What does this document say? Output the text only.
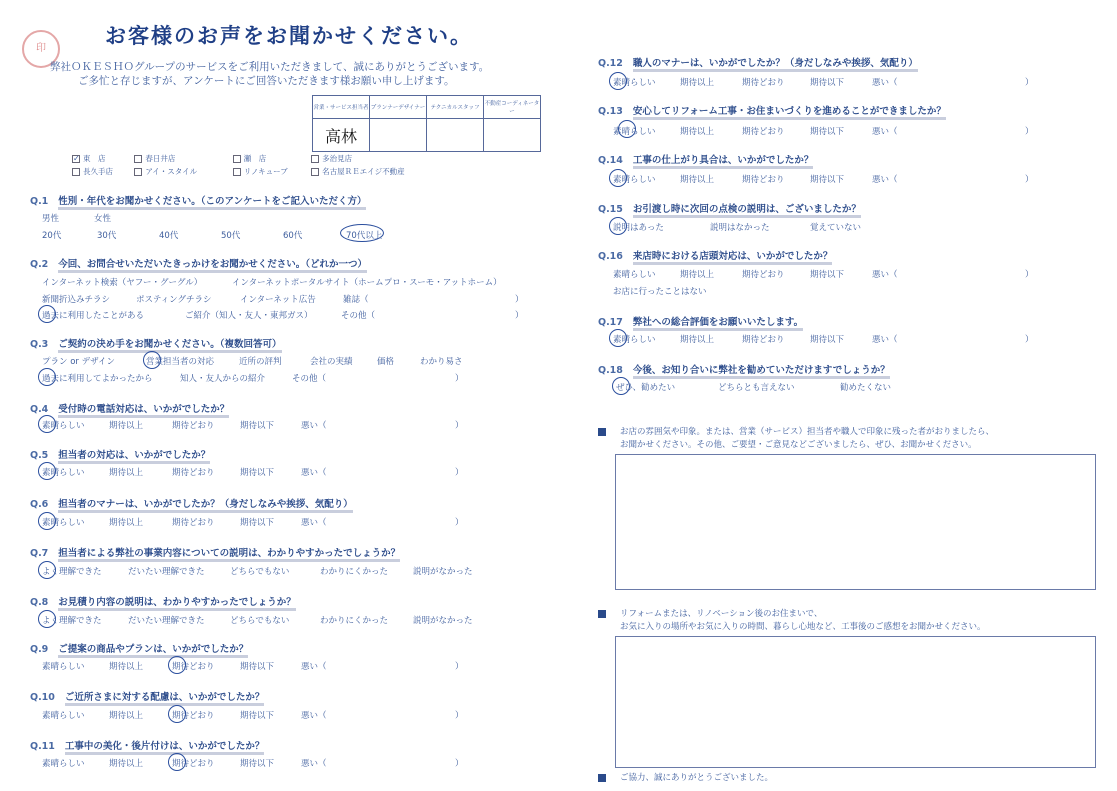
印
お客様のお声をお聞かせください。
弊社ＯＫＥＳＨＯグループのサービスをご利用いただきまして、誠にありがとうございます。
ご多忙と存じますが、アンケートにご回答いただきます様お願い申し上げます。
営業・サービス担当者	プランナーデザイナー	テクニカルスタッフ	不動産コーディネーター
高林			
✓ 東　店	春日井店	瀬　店	多治見店
長久手店	アイ・スタイル	リノキューブ	名古屋ＲＥエイジ不動産
Q.1 性別・年代をお聞かせください。（このアンケートをご記入いただく方）
男性	女性
20代	30代	40代	50代	60代	70代以上
Q.2 今回、お問合せいただいたきっかけをお聞かせください。（どれか一つ）
インターネット検索（ヤフー・グーグル）	インターネットポータルサイト（ホームプロ・スーモ・アットホーム）
新聞折込みチラシ	ポスティングチラシ	インターネット広告	雑誌（	）
過去に利用したことがある	ご紹介（知人・友人・東邦ガス）	その他（	）
Q.3 ご契約の決め手をお聞かせください。（複数回答可）
プラン or デザイン	営業担当者の対応	近所の評判	会社の実績	価格	わかり易さ
過去に利用してよかったから	知人・友人からの紹介	その他（	）
Q.4 受付時の電話対応は、いかがでしたか？
素晴らしい	期待以上	期待どおり	期待以下	悪い（	）
Q.5 担当者の対応は、いかがでしたか？
素晴らしい	期待以上	期待どおり	期待以下	悪い（	）
Q.6 担当者のマナーは、いかがでしたか？（身だしなみや挨拶、気配り）
素晴らしい	期待以上	期待どおり	期待以下	悪い（	）
Q.7 担当者による弊社の事業内容についての説明は、わかりやすかったでしょうか？
よく理解できた	だいたい理解できた	どちらでもない	わかりにくかった	説明がなかった
Q.8 お見積り内容の説明は、わかりやすかったでしょうか？
よく理解できた	だいたい理解できた	どちらでもない	わかりにくかった	説明がなかった
Q.9 ご提案の商品やプランは、いかがでしたか？
素晴らしい	期待以上	期待どおり	期待以下	悪い（	）
Q.10 ご近所さまに対する配慮は、いかがでしたか？
素晴らしい	期待以上	期待どおり	期待以下	悪い（	）
Q.11 工事中の美化・後片付けは、いかがでしたか？
素晴らしい	期待以上	期待どおり	期待以下	悪い（	）
Q.12 職人のマナーは、いかがでしたか？（身だしなみや挨拶、気配り）
素晴らしい	期待以上	期待どおり	期待以下	悪い（	）
Q.13 安心してリフォーム工事・お住まいづくりを進めることができましたか？
素晴らしい	期待以上	期待どおり	期待以下	悪い（	）
Q.14 工事の仕上がり具合は、いかがでしたか？
素晴らしい	期待以上	期待どおり	期待以下	悪い（	）
Q.15 お引渡し時に次回の点検の説明は、ございましたか？
説明はあった	説明はなかった	覚えていない
Q.16 来店時における店頭対応は、いかがでしたか？
素晴らしい	期待以上	期待どおり	期待以下	悪い（	）
お店に行ったことはない
Q.17 弊社への総合評価をお願いいたします。
素晴らしい	期待以上	期待どおり	期待以下	悪い（	）
Q.18 今後、お知り合いに弊社を勧めていただけますでしょうか？
ぜひ、勧めたい	どちらとも言えない	勧めたくない
お店の雰囲気や印象。または、営業（サービス）担当者や職人で印象に残った者がおりましたら、
お聞かせください。その他、ご要望・ご意見などございましたら、ぜひ、お聞かせください。
リフォームまたは、リノベーション後のお住まいで、
お気に入りの場所やお気に入りの時間、暮らし心地など、工事後のご感想をお聞かせください。
ご協力、誠にありがとうございました。
